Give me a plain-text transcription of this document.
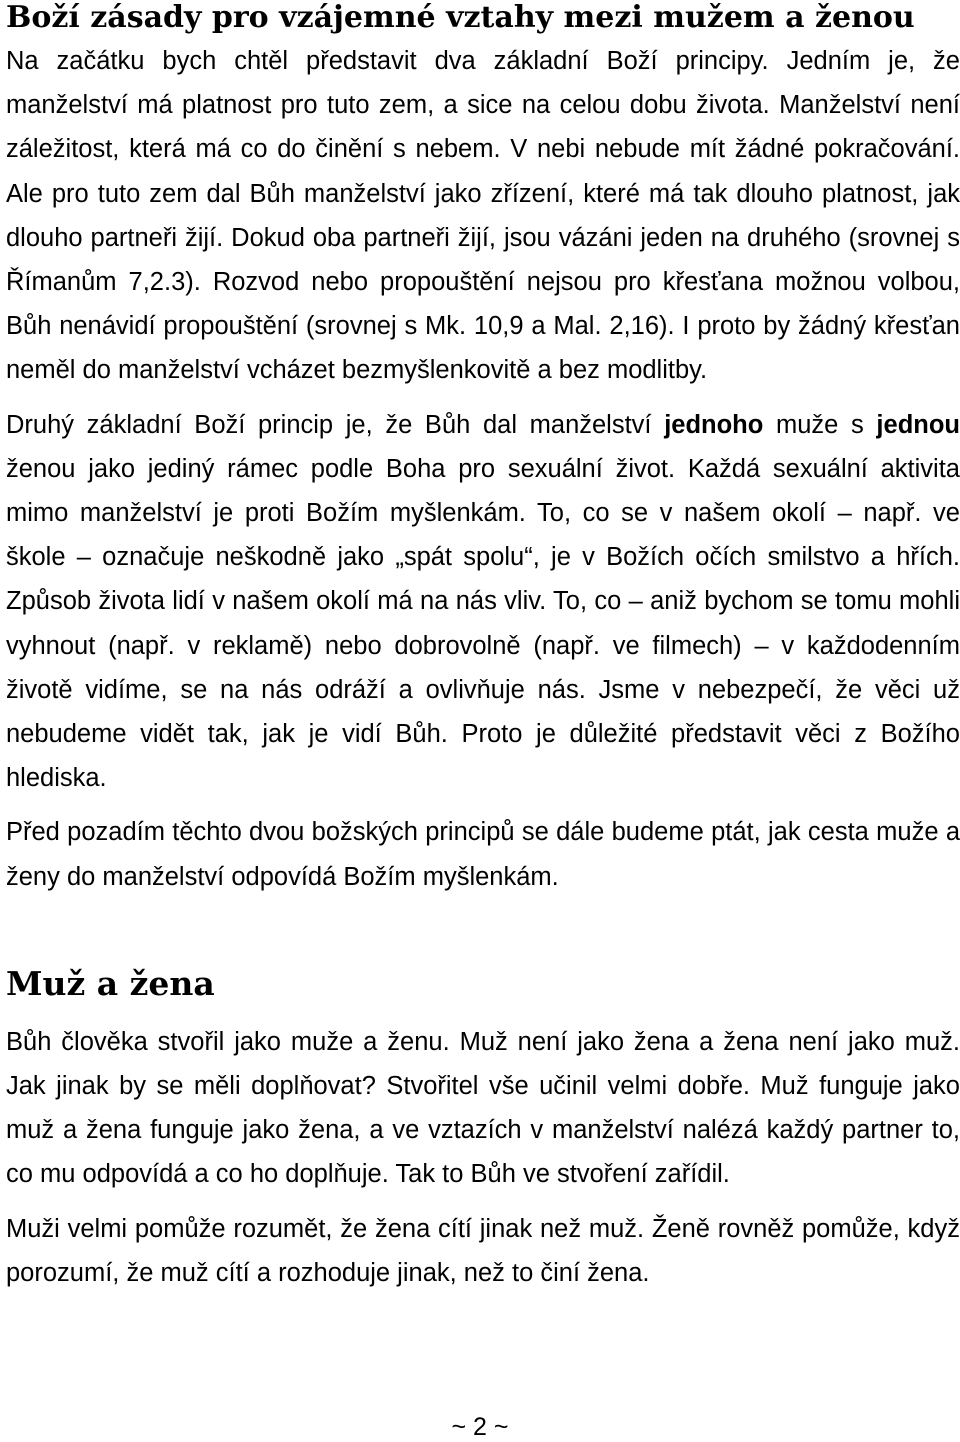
Boží zásady pro vzájemné vztahy mezi mužem a ženou

Na začátku bych chtěl představit dva základní Boží principy. Jedním je, že manželství má platnost pro tuto zem, a sice na celou dobu života. Manželství není záležitost, která má co do činění s nebem. V nebi nebude mít žádné pokračování. Ale pro tuto zem dal Bůh manželství jako zřízení, které má tak dlouho platnost, jak dlouho partneři žijí. Dokud oba partneři žijí, jsou vázáni jeden na druhého (srovnej s Římanům 7,2.3). Rozvod nebo propouštění nejsou pro křesťana možnou volbou, Bůh nenávidí propouštění (srovnej s Mk. 10,9 a Mal. 2,16). I proto by žádný křesťan neměl do manželství vcházet bezmyšlenkovitě a bez modlitby.

Druhý základní Boží princip je, že Bůh dal manželství jednoho muže s jednou ženou jako jediný rámec podle Boha pro sexuální život. Každá sexuální aktivita mimo manželství je proti Božím myšlenkám. To, co se v našem okolí – např. ve škole – označuje neškodně jako „spát spolu“, je v Božích očích smilstvo a hřích. Způsob života lidí v našem okolí má na nás vliv. To, co – aniž bychom se tomu mohli vyhnout (např. v reklamě) nebo dobrovolně (např. ve filmech) – v každodenním životě vidíme, se na nás odráží a ovlivňuje nás. Jsme v nebezpečí, že věci už nebudeme vidět tak, jak je vidí Bůh. Proto je důležité představit věci z Božího hlediska.

Před pozadím těchto dvou božských principů se dále budeme ptát, jak cesta muže a ženy do manželství odpovídá Božím myšlenkám.

Muž a žena

Bůh člověka stvořil jako muže a ženu. Muž není jako žena a žena není jako muž. Jak jinak by se měli doplňovat? Stvořitel vše učinil velmi dobře. Muž funguje jako muž a žena funguje jako žena, a ve vztazích v manželství nalézá každý partner to, co mu odpovídá a co ho doplňuje. Tak to Bůh ve stvoření zařídil.

Muži velmi pomůže rozumět, že žena cítí jinak než muž. Ženě rovněž pomůže, když porozumí, že muž cítí a rozhoduje jinak, než to činí žena.

~ 2 ~
